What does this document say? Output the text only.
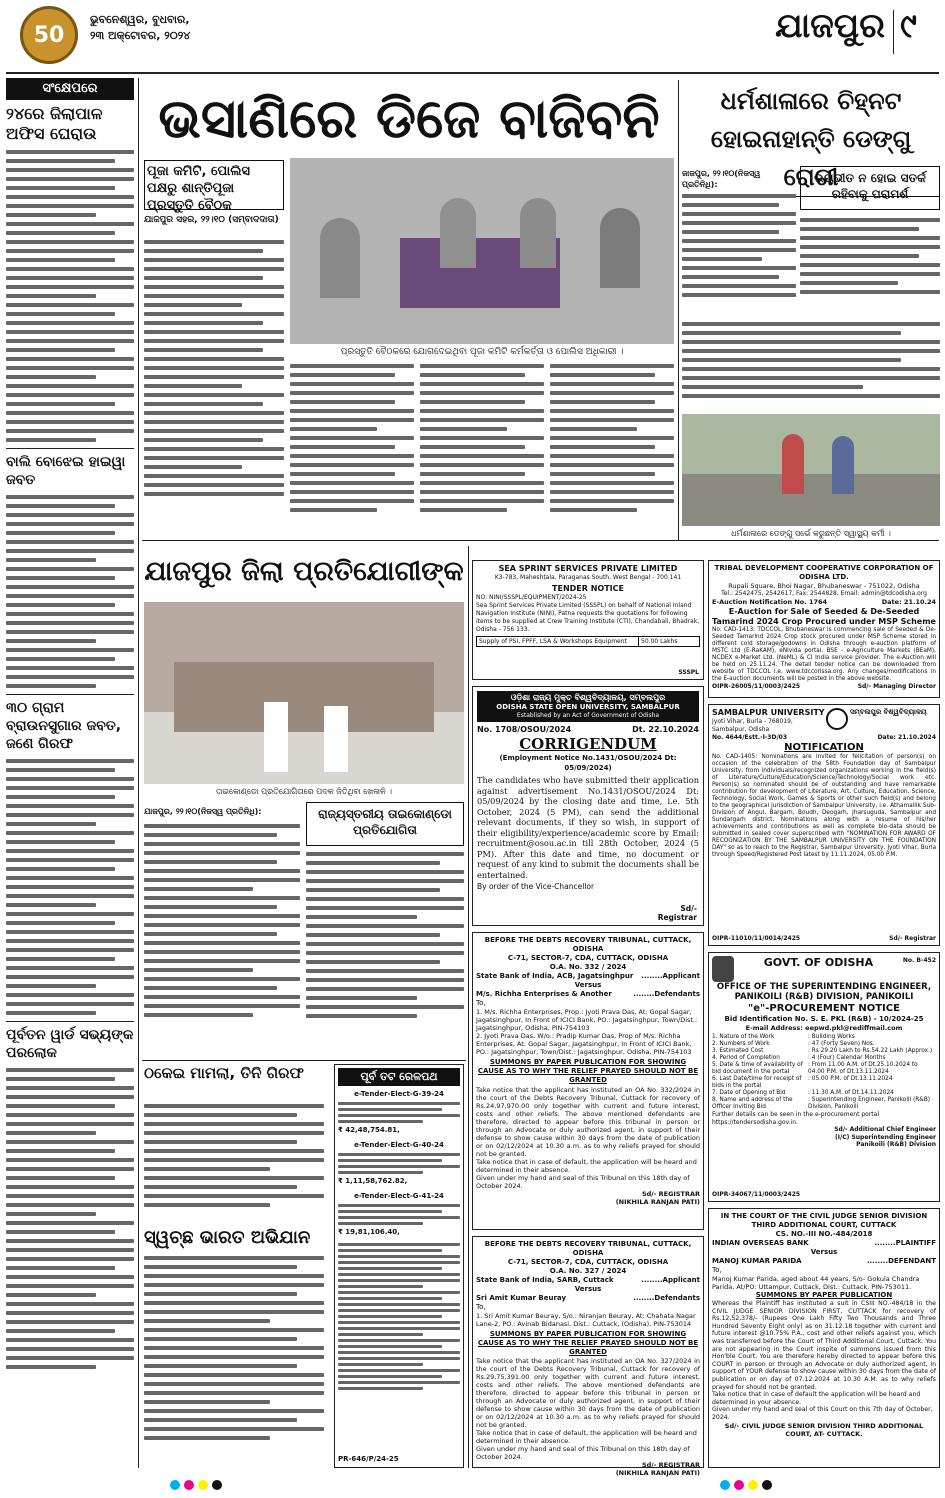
50
ଭୁବନେଶ୍ୱର, ବୁଧବାର,
୨୩ ଅକ୍ଟୋବର, ୨୦୨୪	ଯାଜପୁର ୯
ସଂକ୍ଷେପରେ
୨୪ରେ ଜିଲାପାଳ ଅଫିସ ଘେରାଉ
ବାଲି ବୋଝେଇ ହାଇୱା ଜବତ
୩୦ ଗ୍ରାମ ବ୍ରାଉନସୁଗାର ଜବତ, ଜଣେ ଗିରଫ
ପୂର୍ବତନ ୱାର୍ଡ ସଭ୍ୟଙ୍କ ପରଲୋକ
ଭସାଣିରେ ଡିଜେ ବାଜିବନି
ପୂଜା କମିଟି, ପୋଲିସ ପକ୍ଷରୁ ଶାନ୍ତିପୂଜା ପ୍ରସ୍ତୁତି ବୈଠକ
ଯାଜପୁର ସହର, ୨୨।୧୦ (ସମ୍ବାଦଦାତା)
ପ୍ରସ୍ତୁତି ବୈଠକରେ ଯୋଗଦେଇଥିବା ପୂଜା କମିଟି କର୍ମକର୍ତ୍ତା ଓ ପୋଲିସ ଅଧିକାରୀ ।
ଧର୍ମଶାଳାରେ ଚିହ୍ନଟ
ହୋଇନାହାନ୍ତି ଡେଙ୍ଗୁ ରୋଗୀ
ଭୟଭୀତ ନ ହୋଇ ସତର୍କ ରହିବାକୁ ପରାମର୍ଶ
ଜାଜପୁର, ୨୨।୧୦(ନିଜସ୍ୱ ପ୍ରତିନିଧି):
ଧର୍ମଶାଳାରେ ଡେଙ୍ଗୁ ସର୍ଭେ କରୁଛନ୍ତି ସ୍ୱାସ୍ଥ୍ୟ କର୍ମୀ ।
ଯାଜପୁର ଜିଲା ପ୍ରତିଯୋଗୀଙ୍କ
ତାଇକୋଣ୍ଡୋ ପ୍ରତିଯୋଗିତାରେ ପଦକ ଜିତିଥିବା ଖେଳାଳି ।
ଯାଜପୁର, ୨୨।୧୦(ନିଜସ୍ୱ ପ୍ରତିନିଧି):	ରାଜ୍ୟସ୍ତରୀୟ ତାଇକୋଣ୍ଡୋ ପ୍ରତିଯୋଗିତା
ଠକେଇ ମାମଲା, ତିନି ଗିରଫ
ସ୍ୱଚ୍ଛ ଭାରତ ଅଭିଯାନ
ପୂର୍ବ ତଟ ରେଳପଥ
e-Tender-Elect-G-39-24
₹ 42,48,754.81,
e-Tender-Elect-G-40-24
₹ 1,11,58,762.82,
e-Tender-Elect-G-41-24
₹ 19,81,106.40,
PR-646/P/24-25
SEA SPRINT SERVICES PRIVATE LIMITED
K3-783, Maheshtala, Paraganas South, West Bengal - 700 141
TENDER NOTICE
NO: NINI/SSSPL/EQUIPMENT/2024-25
Sea Sprint Services Private Limited (SSSPL) on behalf of National Inland Navigation Institute (NINI), Patna requests the quotations for following items to be supplied at Crew Training Institute (CTI), Chandabali, Bhadrak, Odisha - 756 133.
Supply of PSI, FPFF, LSA & Workshops Equipment	50.00 Lakhs
SSSPL
ଓଡ଼ିଶା ରାଜ୍ୟ ମୁକ୍ତ ବିଶ୍ୱବିଦ୍ୟାଳୟ, ସମ୍ବଲପୁର
ODISHA STATE OPEN UNIVERSITY, SAMBALPUR
Established by an Act of Government of Odisha
No. 1708/OSOU/2024	Dt. 22.10.2024
CORRIGENDUM
(Employment Notice No.1431/OSOU/2024 Dt: 05/09/2024)
The candidates who have submitted their application against advertisement No.1431/OSOU/2024 Dt: 05/09/2024 by the closing date and time, i.e. 5th October, 2024 (5 PM), can send the additional relevant documents, if they so wish, in support of their eligibility/experience/academic score by Email: recruitment@osou.ac.in till 28th October, 2024 (5 PM). After this date and time, no document or request of any kind to submit the documents shall be entertained.
By order of the Vice-Chancellor
Sd/-
Registrar
BEFORE THE DEBTS RECOVERY TRIBUNAL, CUTTACK, ODISHA
C-71, SECTOR-7, CDA, CUTTACK, ODISHA
O.A. No. 332 / 2024
State Bank of India, ACB, Jagatsinghpur ........Applicant
Versus
M/s. Richha Enterprises & Another	........Defendants
To,
1. M/s. Richha Enterprises, Prop.: Jyoti Prava Das, At: Gopal Sagar, Jagatsinghpur, In Front of ICICI Bank, PO.: Jagatsinghpur, Town/Dist.: Jagatsinghpur, Odisha, PIN-754103
2. Jyoti Prava Das, W/o.: Pradip Kumar Das, Prop of M/s. Richha Enterprises, At: Gopal Sagar, Jagatsinghpur, In Front of ICICI Bank, PO.: Jagatsinghpur, Town/Dist.: Jagatsinghpur, Odisha, PIN-754103
SUMMONS BY PAPER PUBLICATION FOR SHOWING CAUSE AS TO WHY THE RELIEF PRAYED SHOULD NOT BE GRANTED
Take notice that the applicant has instituted an OA No. 332/2024 in the court of the Debts Recovery Tribunal, Cuttack for recovery of Rs.24,97,970.00 only together with current and future interest, costs and other reliefs. The above mentioned defendants are therefore, directed to appear before this tribunal in person or through an Advocate or duly authorized agent, in support of their defense to show cause within 30 days from the date of publication or on 02/12/2024 at 10.30 a.m. as to why reliefs prayed for should not be granted.
Take notice that in case of default, the application will be heard and determined in their absence.
Given under my hand and seal of this Tribunal on this 18th day of October 2024.
Sd/- REGISTRAR
(NIKHILA RANJAN PATI)
BEFORE THE DEBTS RECOVERY TRIBUNAL, CUTTACK, ODISHA
C-71, SECTOR-7, CDA, CUTTACK, ODISHA
O.A. No. 327 / 2024
State Bank of India, SARB, Cuttack	........Applicant
Versus
Sri Amit Kumar Beuray	........Defendants
To,
1. Sri Amit Kumar Beuray, S/o.: Niranjan Beuray, At: Chahata Nagar Lane-2, PO.: Avinab Bidanasi, Dist.: Cuttack, (Odisha), PIN-753014
SUMMONS BY PAPER PUBLICATION FOR SHOWING CAUSE AS TO WHY THE RELIEF PRAYED SHOULD NOT BE GRANTED
Take notice that the applicant has instituted an OA No. 327/2024 in the court of the Debts Recovery Tribunal, Cuttack for recovery of Rs.29,75,391.00 only together with current and future interest, costs and other reliefs. The above mentioned defendants are therefore, directed to appear before this tribunal in person or through an Advocate or duly authorized agent, in support of their defense to show cause within 30 days from the date of publication or on 02/12/2024 at 10.30 a.m. as to why reliefs prayed for should not be granted.
Take notice that in case of default, the application will be heard and determined in their absence.
Given under my hand and seal of this Tribunal on this 18th day of October 2024.
Sd/- REGISTRAR
(NIKHILA RANJAN PATI)
TRIBAL DEVELOPMENT COOPERATIVE CORPORATION OF ODISHA LTD.
Rupali Square, Bhoi Nagar, Bhubaneswar - 751022, Odisha
Tel.: 2542475, 2542617, Fax: 2544828, Email: admin@tdcodisha.org
E-Auction Notification No. 1764	Date: 21.10.24
E-Auction for Sale of Seeded & De-Seeded Tamarind 2024 Crop Procured under MSP Scheme
No. CAD-1413: TDCCOL, Bhubaneswar is commencing sale of Seeded & De-Seeded Tamarind 2024 Crop stock procured under MSP Scheme stored in different cold storage/godowns in Odisha through e-auction platform of MSTC Ltd (E-RaKAM), eNivida portal. BSE - e-Agriculture Markets (BEaM), NCDEX e-Market Ltd. (NeML) & CI India service provider. The e-Auction will be held on 25.11.24. The detail tender notice can be downloaded from website of TDCCOL i.e. www.tdccorissa.org. Any changes/modifications in the E-auction documents will be posted in the above website.
OIPR-26005/11/0003/2425	Sd/- Managing Director
SAMBALPUR UNIVERSITY
Jyoti Vihar, Burla - 768019, Sambalpur, Odisha
ସମ୍ବଲପୁର ବିଶ୍ୱବିଦ୍ୟାଳୟ
No. 4644/Estt.-I-3D/03	Date: 21.10.2024
NOTIFICATION
No. CAD-1405: Nominations are invited for felicitation of person(s) on occasion of the celebration of the 58th Foundation day of Sambalpur University, from individuals/recognized organizations working in the field(s) of Literature/Culture/Education/Science/Technology/Social work etc. Person(s) so nominated should be of outstanding and have remarkable contribution for development of Literature, Art, Culture, Education, Science, Technology, Social Work, Games & Sports or other such field(s) and belong to the geographical jurisdiction of Sambalpur University, i.e. Athamallik Sub-Division of Angul, Bargarh, Boudh, Deogarh, Jharsuguda, Sambalpur and Sundargarh district. Nominations along with a resume of his/her achievements and contributions as well as complete bio-data should be submitted in sealed cover superscribed with "NOMINATION FOR AWARD OF RECOGNIZATION BY THE SAMBALPUR UNIVERSITY ON THE FOUNDATION DAY" so as to reach to the Registrar, Sambalpur University, Jyoti Vihar, Burla through Speed/Registered Post latest by 11.11.2024, 05.00 P.M.
OIPR-11010/11/0014/2425	Sd/- Registrar
GOVT. OF ODISHA	No. B-452
OFFICE OF THE SUPERINTENDING ENGINEER, PANIKOILI (R&B) DIVISION, PANIKOILI
"e"-PROCUREMENT NOTICE
Bid Identification No. S. E. PKL (R&B) - 10/2024-25
E-mail Address: eepwd.pkl@rediffmail.com
1. Nature of the Work	: Building Works
2. Numbers of Work	: 47 (Forty Seven) Nos.
3. Estimated Cost	: Rs 29.20 Lakh to Rs.54.22 Lakh (Approx.)
4. Period of Completion	: 4 (Four) Calendar Months
5. Date & time of availability of bid document in the portal
: From 11.00 A.M. of Dt.25.10.2024 to 04.00 P.M. of Dt.13.11.2024
6. Last Date/time for receipt of bids in the portal
: 05.00 P.M. of Dt.13.11.2024
7. Date of Opening of Bid	: 11.30 A.M. of Dt.14.11.2024
8. Name and address of the Officer Inviting Bid
: Superintending Engineer, Panikoili (R&B) Division, Panikoili
Further details can be seen in the e-procurement portal https://tendersodisha.gov.in.
Sd/- Additional Chief Engineer
(I/C) Superintending Engineer
Panikoili (R&B) Division
OIPR-34067/11/0003/2425
IN THE COURT OF THE CIVIL JUDGE SENIOR DIVISION THIRD ADDITIONAL COURT, CUTTACK
CS. NO.-III NO.-484/2018
INDIAN OVERSEAS BANK	........PLAINTIFF
Versus
MANOJ KUMAR PARIDA	........DEFENDANT
To,
Manoj Kumar Parida, aged about 44 years, S/o- Gokula Chandra Parida, At/PO: Uttampur, Cuttack, Dist.: Cuttack, PIN-753011.
SUMMONS BY PAPER PUBLICATION
Whereas the Plaintiff has instituted a suit in CSIII NO.-484/18 in the CIVIL JUDGE SENIOR DIVISION FIRST, CUTTACK for recovery of Rs.12,52,378/- (Rupees One Lakh Fifty Two Thousands and Three Hundred Seventy Eight only) as on 31.12.18 together with current and future interest @10.75% P.A., cost and other reliefs against you, which was transferred before the Court of Third Additional Court, Cuttack. You are not appearing in the Court inspite of summons issued from this Hon'ble Court. You are therefore hereby directed to appear before this COURT in person or through an Advocate or duly authorized agent, in support of YOUR defense to show cause within 30 days from the date of publication or on day of 07.12.2024 at 10.30 A.M. as to why reliefs prayed for should not be granted.
Take notice that in case of default the application will be heard and determined in your absence.
Given under my hand and seal of this Court on this 7th day of October, 2024.
Sd/- CIVIL JUDGE SENIOR DIVISION THIRD ADDITIONAL COURT, AT- CUTTACK.
